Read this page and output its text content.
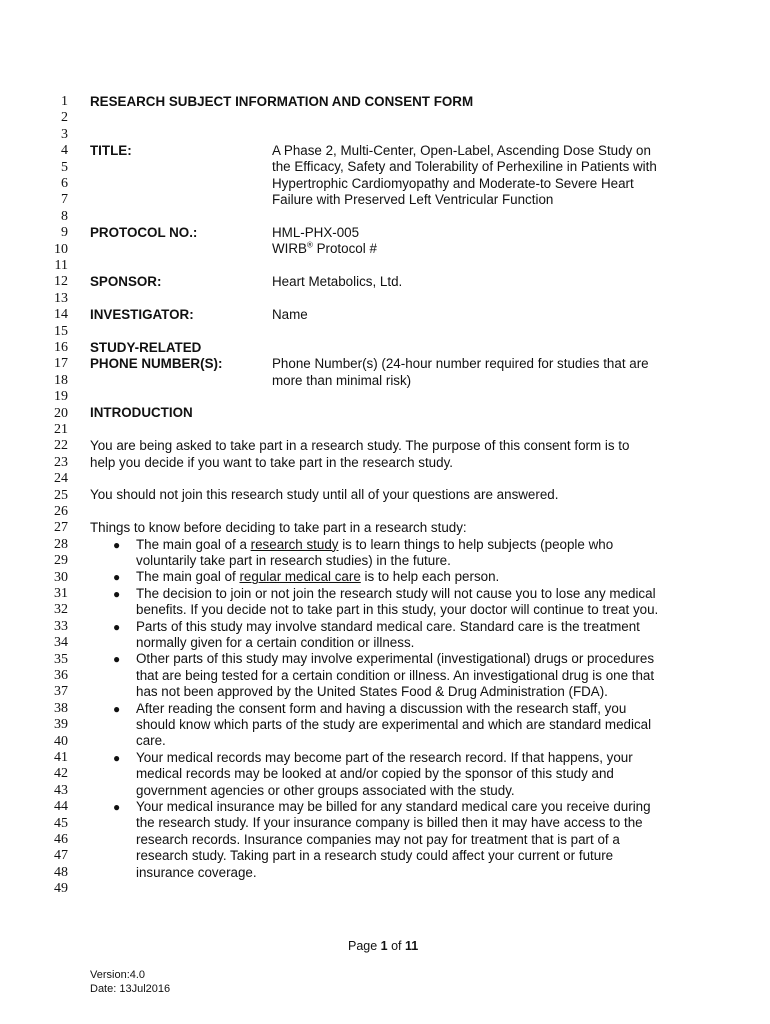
1
2
3
4
5
6
7
8
9
10
11
12
13
14
15
16
17
18
19
20
21
22
23
24
25
26
27
28
29
30
31
32
33
34
35
36
37
38
39
40
41
42
43
44
45
46
47
48
49
RESEARCH SUBJECT INFORMATION AND CONSENT FORM
TITLE:	A Phase 2, Multi-Center, Open-Label, Ascending Dose Study on
the Efficacy, Safety and Tolerability of Perhexiline in Patients with
Hypertrophic Cardiomyopathy and Moderate-to Severe Heart
Failure with Preserved Left Ventricular Function
PROTOCOL NO.:	HML-PHX-005
WIRB® Protocol #
SPONSOR:	Heart Metabolics, Ltd.
INVESTIGATOR:	Name
STUDY-RELATED
PHONE NUMBER(S):	Phone Number(s) (24-hour number required for studies that are
more than minimal risk)
INTRODUCTION
You are being asked to take part in a research study. The purpose of this consent form is to
help you decide if you want to take part in the research study.
You should not join this research study until all of your questions are answered.
Things to know before deciding to take part in a research study:
● The main goal of a research study is to learn things to help subjects (people who
voluntarily take part in research studies) in the future.
● The main goal of regular medical care is to help each person.
● The decision to join or not join the research study will not cause you to lose any medical
benefits. If you decide not to take part in this study, your doctor will continue to treat you.
● Parts of this study may involve standard medical care. Standard care is the treatment
normally given for a certain condition or illness.
● Other parts of this study may involve experimental (investigational) drugs or procedures
that are being tested for a certain condition or illness. An investigational drug is one that
has not been approved by the United States Food & Drug Administration (FDA).
● After reading the consent form and having a discussion with the research staff, you
should know which parts of the study are experimental and which are standard medical
care.
● Your medical records may become part of the research record. If that happens, your
medical records may be looked at and/or copied by the sponsor of this study and
government agencies or other groups associated with the study.
● Your medical insurance may be billed for any standard medical care you receive during
the research study. If your insurance company is billed then it may have access to the
research records. Insurance companies may not pay for treatment that is part of a
research study. Taking part in a research study could affect your current or future
insurance coverage.
Page 1 of 11
Version:4.0
Date: 13Jul2016
